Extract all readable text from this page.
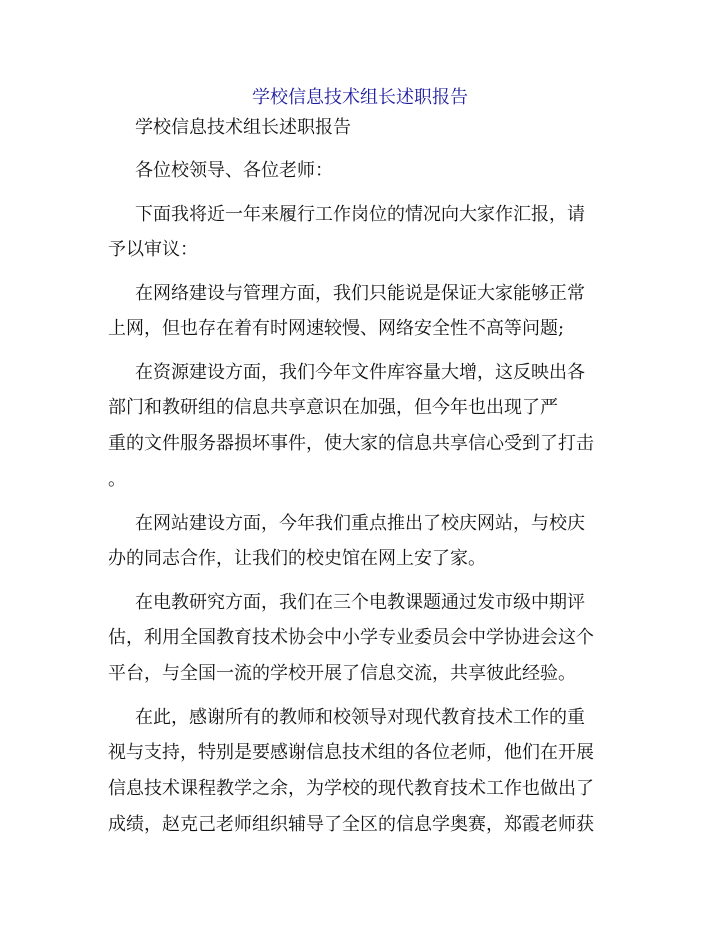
学校信息技术组长述职报告
学校信息技术组长述职报告
各位校领导、各位老师：
下面我将近一年来履行工作岗位的情况向大家作汇报，请
予以审议：
在网络建设与管理方面，我们只能说是保证大家能够正常
上网，但也存在着有时网速较慢、网络安全性不高等问题;
在资源建设方面，我们今年文件库容量大增，这反映出各
部门和教研组的信息共享意识在加强，但今年也出现了严
重的文件服务器损坏事件，使大家的信息共享信心受到了打击
。
在网站建设方面，今年我们重点推出了校庆网站，与校庆
办的同志合作，让我们的校史馆在网上安了家。
在电教研究方面，我们在三个电教课题通过发市级中期评
估，利用全国教育技术协会中小学专业委员会中学协进会这个
平台，与全国一流的学校开展了信息交流，共享彼此经验。
在此，感谢所有的教师和校领导对现代教育技术工作的重
视与支持，特别是要感谢信息技术组的各位老师，他们在开展
信息技术课程教学之余，为学校的现代教育技术工作也做出了
成绩，赵克己老师组织辅导了全区的信息学奥赛，郑霞老师获
